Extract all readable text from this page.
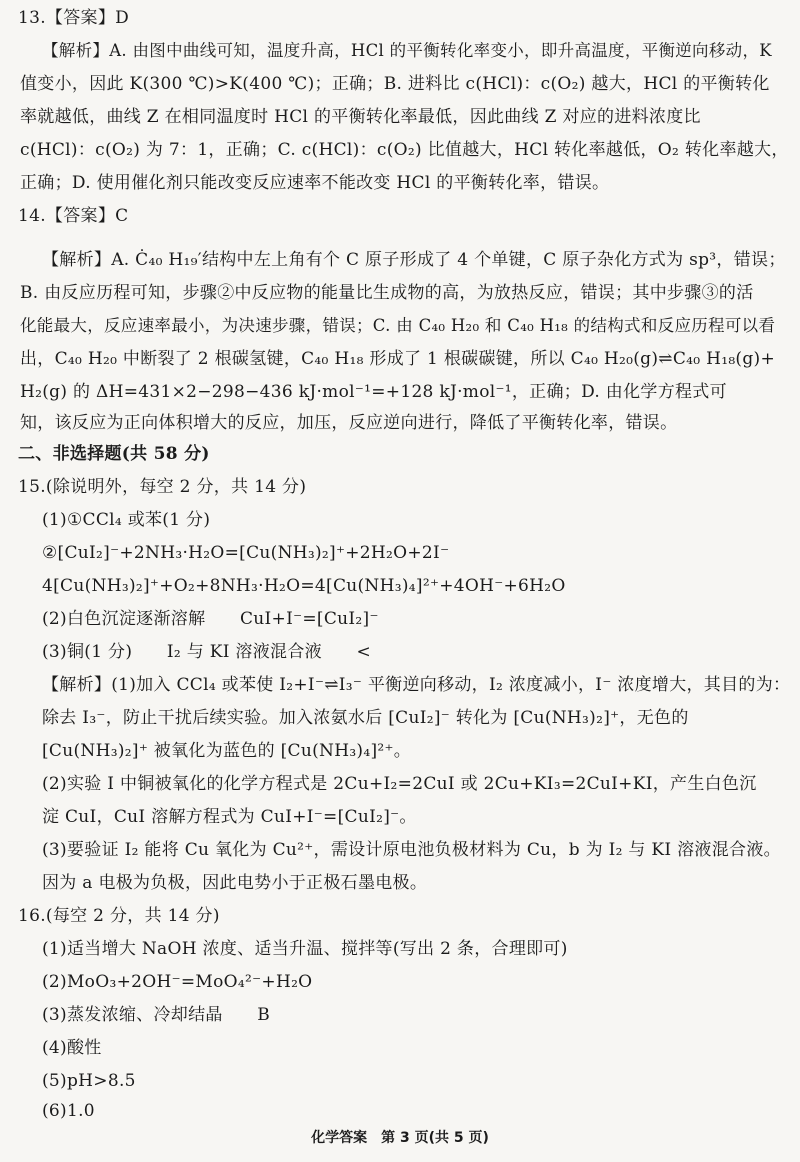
13.【答案】D
【解析】A. 由图中曲线可知，温度升高，HCl 的平衡转化率变小，即升高温度，平衡逆向移动，K
值变小，因此 K(300 ℃)>K(400 ℃)；正确；B. 进料比 c(HCl)：c(O₂) 越大，HCl 的平衡转化
率就越低，曲线 Z 在相同温度时 HCl 的平衡转化率最低，因此曲线 Z 对应的进料浓度比
c(HCl)：c(O₂) 为 7：1，正确；C. c(HCl)：c(O₂) 比值越大，HCl 转化率越低，O₂ 转化率越大，
正确；D. 使用催化剂只能改变反应速率不能改变 HCl 的平衡转化率，错误。
14.【答案】C
【解析】A. Ċ₄₀ H₁₉′结构中左上角有个 C 原子形成了 4 个单键，C 原子杂化方式为 sp³，错误；
B. 由反应历程可知，步骤②中反应物的能量比生成物的高，为放热反应，错误；其中步骤③的活
化能最大，反应速率最小，为决速步骤，错误；C. 由 C₄₀ H₂₀ 和 C₄₀ H₁₈ 的结构式和反应历程可以看
出，C₄₀ H₂₀ 中断裂了 2 根碳氢键，C₄₀ H₁₈ 形成了 1 根碳碳键，所以 C₄₀ H₂₀(g)⇌C₄₀ H₁₈(g)+
H₂(g) 的 ΔH=431×2−298−436 kJ·mol⁻¹=+128 kJ·mol⁻¹，正确；D. 由化学方程式可
知，该反应为正向体积增大的反应，加压，反应逆向进行，降低了平衡转化率，错误。
二、非选择题(共 58 分)
15.(除说明外，每空 2 分，共 14 分)
(1)①CCl₄ 或苯(1 分)
②[CuI₂]⁻+2NH₃·H₂O=[Cu(NH₃)₂]⁺+2H₂O+2I⁻
4[Cu(NH₃)₂]⁺+O₂+8NH₃·H₂O=4[Cu(NH₃)₄]²⁺+4OH⁻+6H₂O
(2)白色沉淀逐渐溶解　　CuI+I⁻=[CuI₂]⁻
(3)铜(1 分)　　I₂ 与 KI 溶液混合液　　<
【解析】(1)加入 CCl₄ 或苯使 I₂+I⁻⇌I₃⁻ 平衡逆向移动，I₂ 浓度减小，I⁻ 浓度增大，其目的为：
除去 I₃⁻，防止干扰后续实验。加入浓氨水后 [CuI₂]⁻ 转化为 [Cu(NH₃)₂]⁺，无色的
[Cu(NH₃)₂]⁺ 被氧化为蓝色的 [Cu(NH₃)₄]²⁺。
(2)实验 Ⅰ 中铜被氧化的化学方程式是 2Cu+I₂=2CuI 或 2Cu+KI₃=2CuI+KI，产生白色沉
淀 CuI，CuI 溶解方程式为 CuI+I⁻=[CuI₂]⁻。
(3)要验证 I₂ 能将 Cu 氧化为 Cu²⁺，需设计原电池负极材料为 Cu，b 为 I₂ 与 KI 溶液混合液。
因为 a 电极为负极，因此电势小于正极石墨电极。
16.(每空 2 分，共 14 分)
(1)适当增大 NaOH 浓度、适当升温、搅拌等(写出 2 条，合理即可)
(2)MoO₃+2OH⁻=MoO₄²⁻+H₂O
(3)蒸发浓缩、冷却结晶　　B
(4)酸性
(5)pH>8.5
(6)1.0
化学答案　第 3 页(共 5 页)
